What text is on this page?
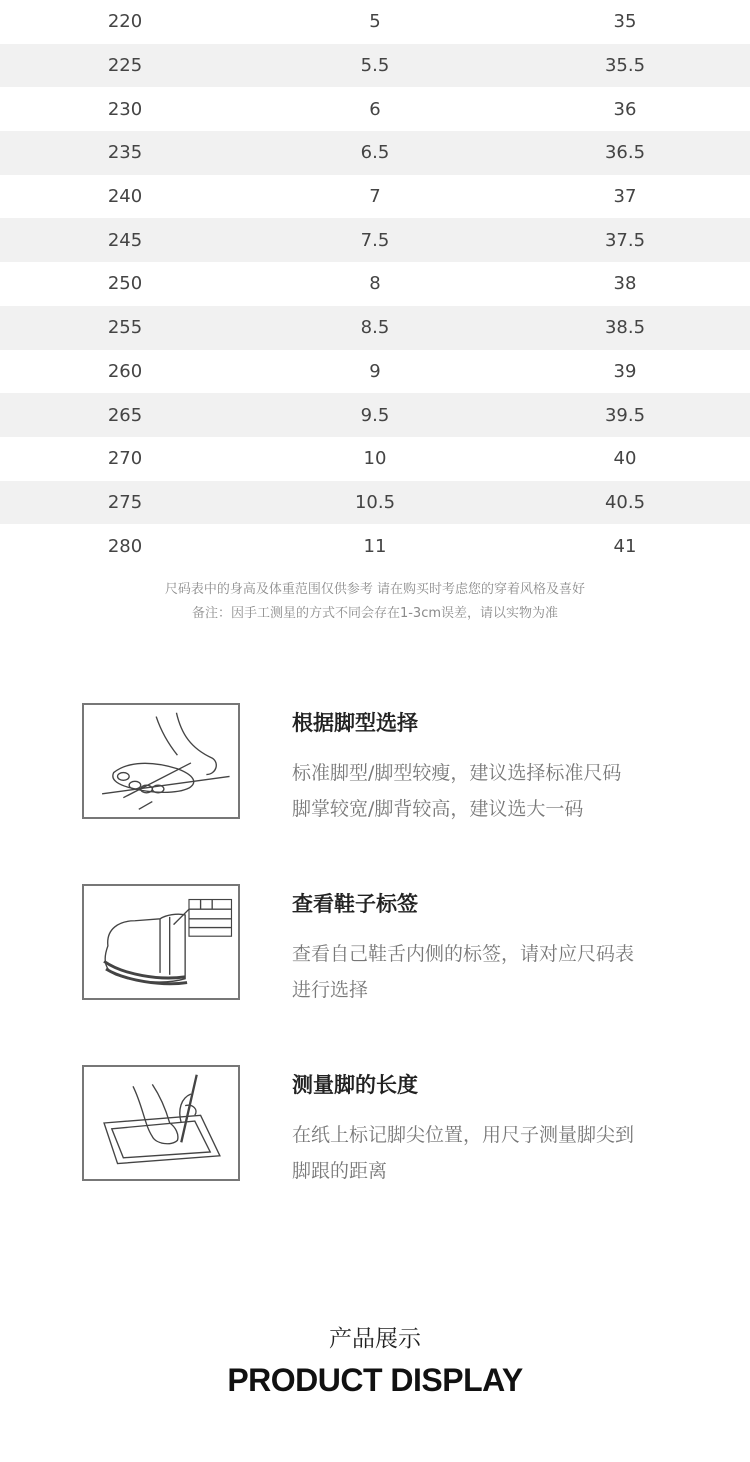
220	5	35
225	5.5	35.5
230	6	36
235	6.5	36.5
240	7	37
245	7.5	37.5
250	8	38
255	8.5	38.5
260	9	39
265	9.5	39.5
270	10	40
275	10.5	40.5
280	11	41
尺码表中的身高及体重范围仅供参考 请在购买时考虑您的穿着风格及喜好
备注：因手工测星的方式不同会存在1-3cm误差，请以实物为准
根据脚型选择
标准脚型/脚型较瘦，建议选择标准尺码
脚掌较宽/脚背较高，建议选大一码
查看鞋子标签
查看自己鞋舌内侧的标签，请对应尺码表
进行选择
测量脚的长度
在纸上标记脚尖位置，用尺子测量脚尖到
脚跟的距离
产品展示
PRODUCT DISPLAY
